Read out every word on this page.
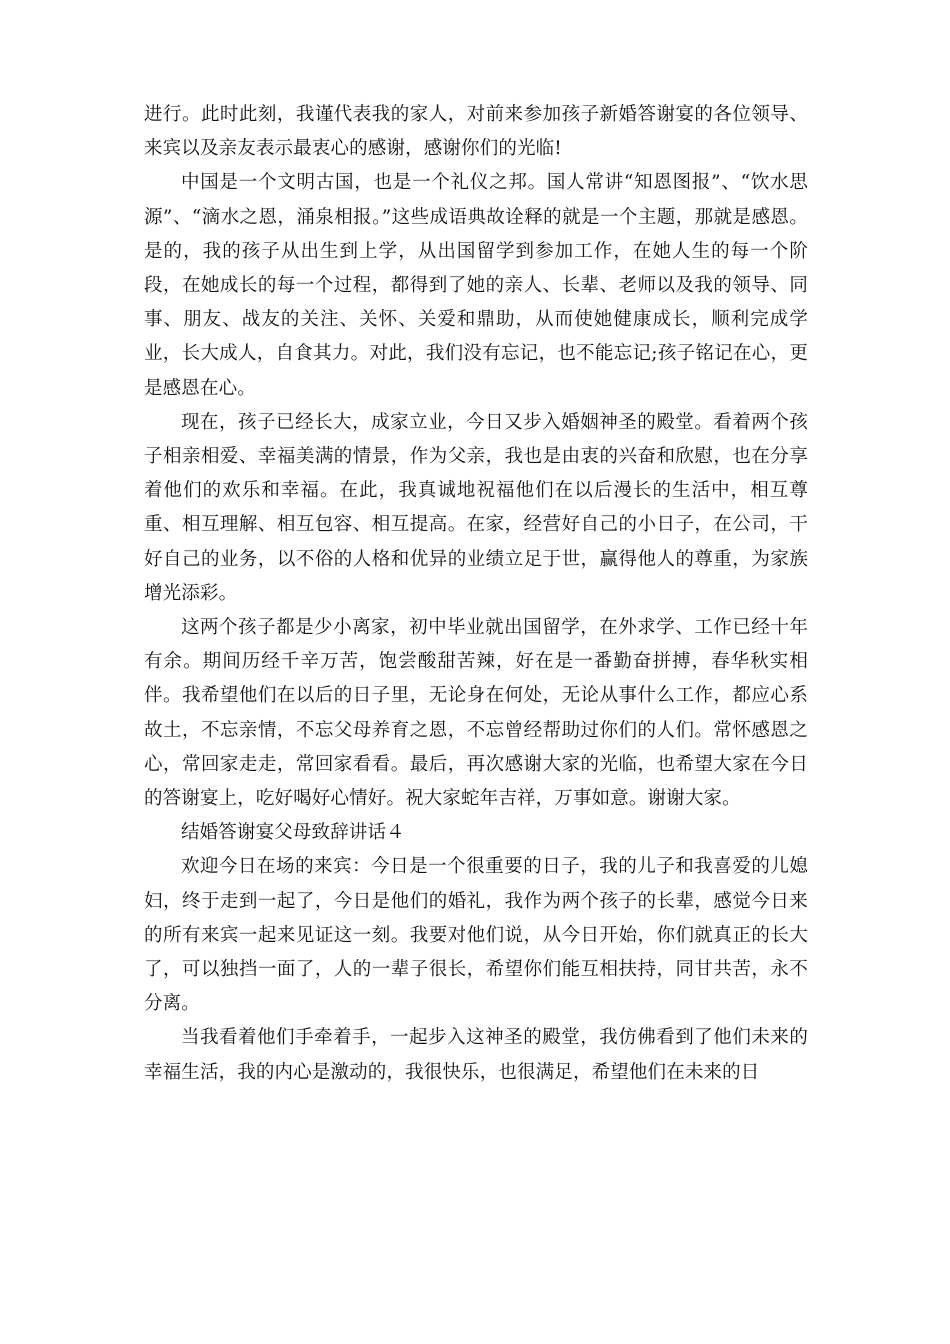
进行。此时此刻，我谨代表我的家人，对前来参加孩子新婚答谢宴的各位领导、来宾以及亲友表示最衷心的感谢，感谢你们的光临!

中国是一个文明古国，也是一个礼仪之邦。国人常讲“知恩图报”、“饮水思源”、“滴水之恩，涌泉相报。”这些成语典故诠释的就是一个主题，那就是感恩。是的，我的孩子从出生到上学，从出国留学到参加工作，在她人生的每一个阶段，在她成长的每一个过程，都得到了她的亲人、长辈、老师以及我的领导、同事、朋友、战友的关注、关怀、关爱和鼎助，从而使她健康成长，顺利完成学业，长大成人，自食其力。对此，我们没有忘记，也不能忘记;孩子铭记在心，更是感恩在心。

现在，孩子已经长大，成家立业，今日又步入婚姻神圣的殿堂。看着两个孩子相亲相爱、幸福美满的情景，作为父亲，我也是由衷的兴奋和欣慰，也在分享着他们的欢乐和幸福。在此，我真诚地祝福他们在以后漫长的生活中，相互尊重、相互理解、相互包容、相互提高。在家，经营好自己的小日子，在公司，干好自己的业务，以不俗的人格和优异的业绩立足于世，赢得他人的尊重，为家族增光添彩。

这两个孩子都是少小离家，初中毕业就出国留学，在外求学、工作已经十年有余。期间历经千辛万苦，饱尝酸甜苦辣，好在是一番勤奋拼搏，春华秋实相伴。我希望他们在以后的日子里，无论身在何处，无论从事什么工作，都应心系故土，不忘亲情，不忘父母养育之恩，不忘曾经帮助过你们的人们。常怀感恩之心，常回家走走，常回家看看。最后，再次感谢大家的光临，也希望大家在今日的答谢宴上，吃好喝好心情好。祝大家蛇年吉祥，万事如意。谢谢大家。

结婚答谢宴父母致辞讲话４

欢迎今日在场的来宾：今日是一个很重要的日子，我的儿子和我喜爱的儿媳妇，终于走到一起了，今日是他们的婚礼，我作为两个孩子的长辈，感觉今日来的所有来宾一起来见证这一刻。我要对他们说，从今日开始，你们就真正的长大了，可以独挡一面了，人的一辈子很长，希望你们能互相扶持，同甘共苦，永不分离。

当我看着他们手牵着手，一起步入这神圣的殿堂，我仿佛看到了他们未来的幸福生活，我的内心是激动的，我很快乐，也很满足，希望他们在未来的日
